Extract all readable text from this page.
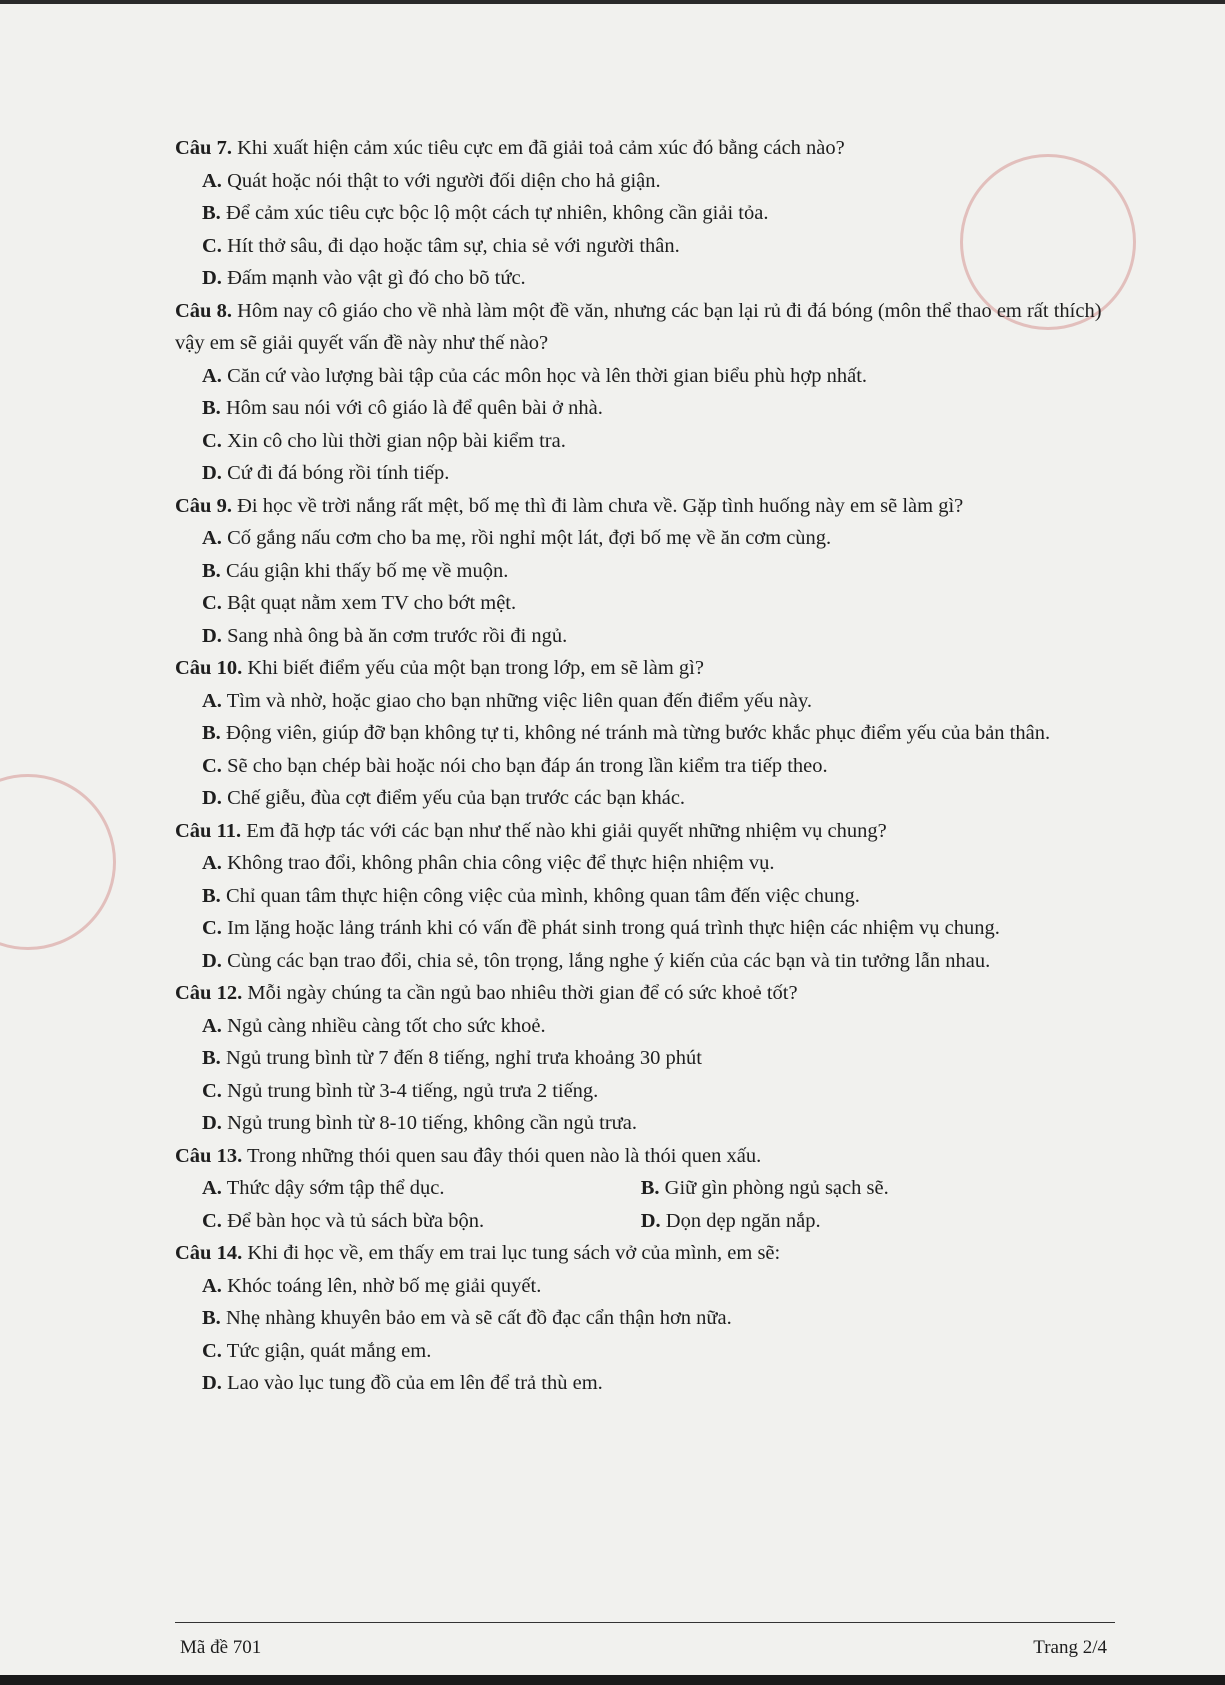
Câu 7. Khi xuất hiện cảm xúc tiêu cực em đã giải toả cảm xúc đó bằng cách nào?

A. Quát hoặc nói thật to với người đối diện cho hả giận.

B. Để cảm xúc tiêu cực bộc lộ một cách tự nhiên, không cần giải tỏa.

C. Hít thở sâu, đi dạo hoặc tâm sự, chia sẻ với người thân.

D. Đấm mạnh vào vật gì đó cho bõ tức.

Câu 8. Hôm nay cô giáo cho về nhà làm một đề văn, nhưng các bạn lại rủ đi đá bóng (môn thể thao em rất thích) vậy em sẽ giải quyết vấn đề này như thế nào?

A. Căn cứ vào lượng bài tập của các môn học và lên thời gian biểu phù hợp nhất.

B. Hôm sau nói với cô giáo là để quên bài ở nhà.

C. Xin cô cho lùi thời gian nộp bài kiểm tra.

D. Cứ đi đá bóng rồi tính tiếp.

Câu 9. Đi học về trời nắng rất mệt, bố mẹ thì đi làm chưa về. Gặp tình huống này em sẽ làm gì?

A. Cố gắng nấu cơm cho ba mẹ, rồi nghỉ một lát, đợi bố mẹ về ăn cơm cùng.

B. Cáu giận khi thấy bố mẹ về muộn.

C. Bật quạt nằm xem TV cho bớt mệt.

D. Sang nhà ông bà ăn cơm trước rồi đi ngủ.

Câu 10. Khi biết điểm yếu của một bạn trong lớp, em sẽ làm gì?

A. Tìm và nhờ, hoặc giao cho bạn những việc liên quan đến điểm yếu này.

B. Động viên, giúp đỡ bạn không tự ti, không né tránh mà từng bước khắc phục điểm yếu của bản thân.

C. Sẽ cho bạn chép bài hoặc nói cho bạn đáp án trong lần kiểm tra tiếp theo.

D. Chế giễu, đùa cợt điểm yếu của bạn trước các bạn khác.

Câu 11. Em đã hợp tác với các bạn như thế nào khi giải quyết những nhiệm vụ chung?

A. Không trao đổi, không phân chia công việc để thực hiện nhiệm vụ.

B. Chỉ quan tâm thực hiện công việc của mình, không quan tâm đến việc chung.

C. Im lặng hoặc lảng tránh khi có vấn đề phát sinh trong quá trình thực hiện các nhiệm vụ chung.

D. Cùng các bạn trao đổi, chia sẻ, tôn trọng, lắng nghe ý kiến của các bạn và tin tưởng lẫn nhau.

Câu 12. Mỗi ngày chúng ta cần ngủ bao nhiêu thời gian để có sức khoẻ tốt?

A. Ngủ càng nhiều càng tốt cho sức khoẻ.

B. Ngủ trung bình từ 7 đến 8 tiếng, nghỉ trưa khoảng 30 phút

C. Ngủ trung bình từ 3-4 tiếng, ngủ trưa 2 tiếng.

D. Ngủ trung bình từ 8-10 tiếng, không cần ngủ trưa.

Câu 13. Trong những thói quen sau đây thói quen nào là thói quen xấu.

A. Thức dậy sớm tập thể dục.	B. Giữ gìn phòng ngủ sạch sẽ.
C. Để bàn học và tủ sách bừa bộn.	D. Dọn dẹp ngăn nắp.

Câu 14. Khi đi học về, em thấy em trai lục tung sách vở của mình, em sẽ:

A. Khóc toáng lên, nhờ bố mẹ giải quyết.

B. Nhẹ nhàng khuyên bảo em và sẽ cất đồ đạc cẩn thận hơn nữa.

C. Tức giận, quát mắng em.

D. Lao vào lục tung đồ của em lên để trả thù em.

Mã đề 701	Trang 2/4
